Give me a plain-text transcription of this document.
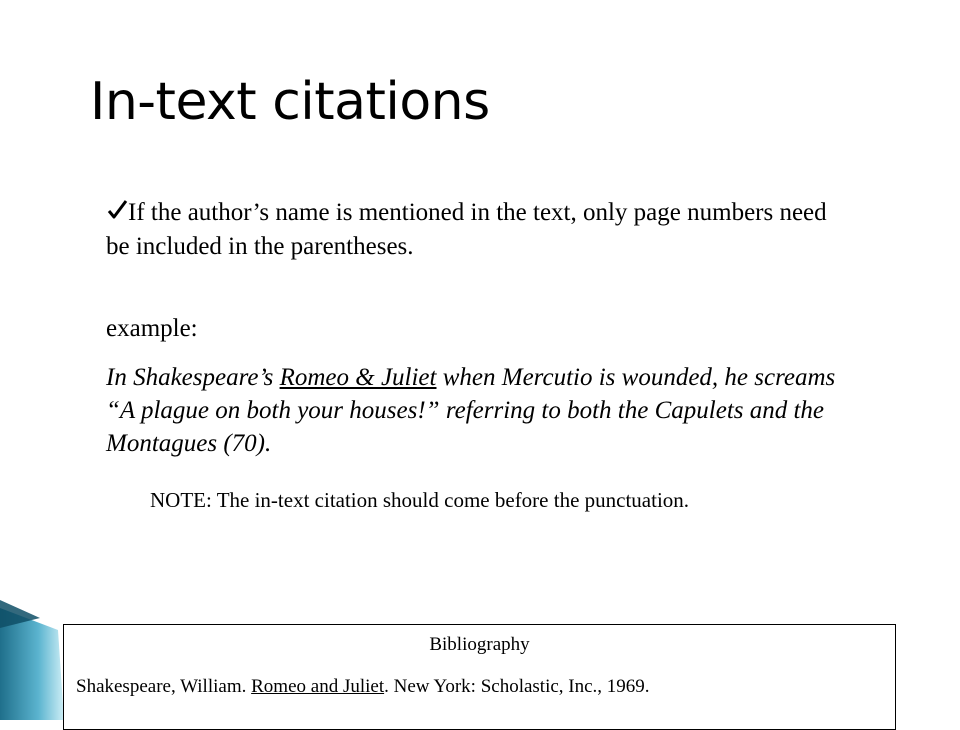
In-text citations
If the author’s name is mentioned in the text, only page numbers need be included in the parentheses.
example:
In Shakespeare’s Romeo & Juliet when Mercutio is wounded, he screams “A plague on both your houses!” referring to both the Capulets and the Montagues (70).
NOTE: The in-text citation should come before the punctuation.
Bibliography
Shakespeare, William. Romeo and Juliet. New York: Scholastic, Inc., 1969.
